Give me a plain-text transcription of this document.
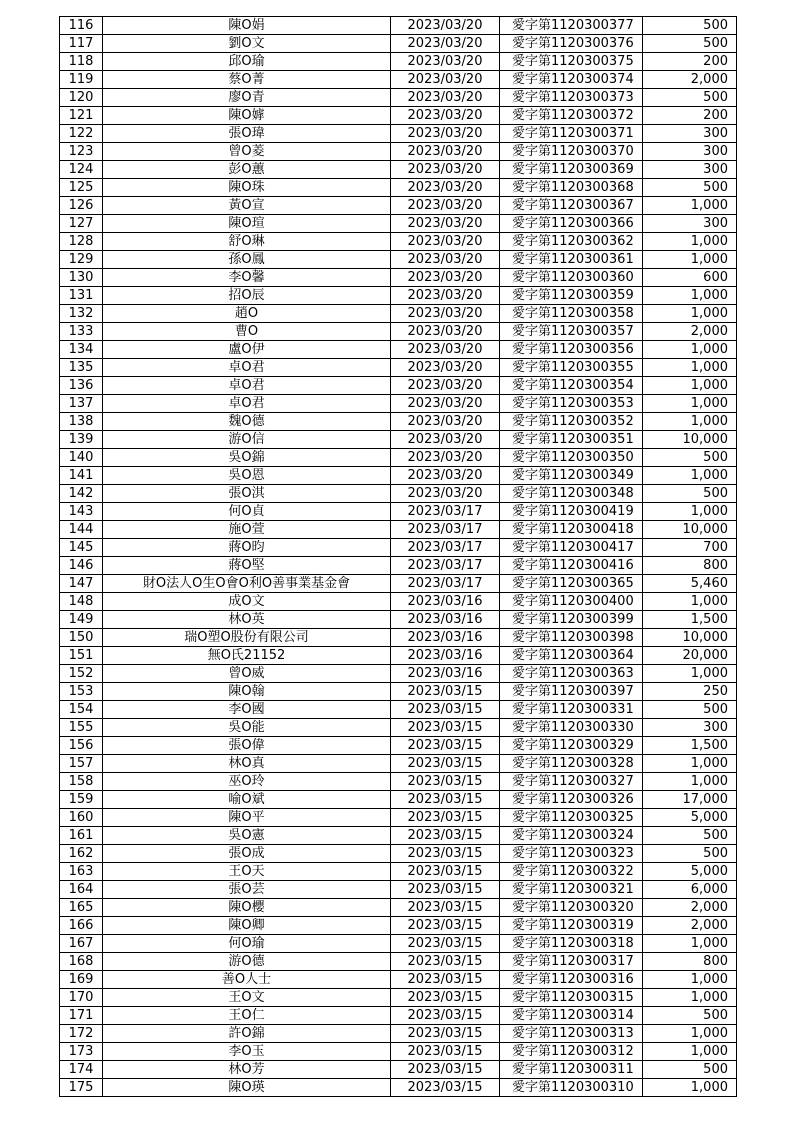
116	陳O娟	2023/03/20	愛字第1120300377	500
117	劉O文	2023/03/20	愛字第1120300376	500
118	邱O瑜	2023/03/20	愛字第1120300375	200
119	蔡O菁	2023/03/20	愛字第1120300374	2,000
120	廖O青	2023/03/20	愛字第1120300373	500
121	陳O嫭	2023/03/20	愛字第1120300372	200
122	張O瑋	2023/03/20	愛字第1120300371	300
123	曾O菱	2023/03/20	愛字第1120300370	300
124	彭O蕙	2023/03/20	愛字第1120300369	300
125	陳O珠	2023/03/20	愛字第1120300368	500
126	黃O宣	2023/03/20	愛字第1120300367	1,000
127	陳O瑄	2023/03/20	愛字第1120300366	300
128	舒O琳	2023/03/20	愛字第1120300362	1,000
129	孫O鳳	2023/03/20	愛字第1120300361	1,000
130	李O馨	2023/03/20	愛字第1120300360	600
131	招O辰	2023/03/20	愛字第1120300359	1,000
132	趙O	2023/03/20	愛字第1120300358	1,000
133	曹O	2023/03/20	愛字第1120300357	2,000
134	盧O伊	2023/03/20	愛字第1120300356	1,000
135	卓O君	2023/03/20	愛字第1120300355	1,000
136	卓O君	2023/03/20	愛字第1120300354	1,000
137	卓O君	2023/03/20	愛字第1120300353	1,000
138	魏O德	2023/03/20	愛字第1120300352	1,000
139	游O信	2023/03/20	愛字第1120300351	10,000
140	吳O錦	2023/03/20	愛字第1120300350	500
141	吳O恩	2023/03/20	愛字第1120300349	1,000
142	張O淇	2023/03/20	愛字第1120300348	500
143	何O貞	2023/03/17	愛字第1120300419	1,000
144	施O萱	2023/03/17	愛字第1120300418	10,000
145	蔣O昀	2023/03/17	愛字第1120300417	700
146	蔣O堅	2023/03/17	愛字第1120300416	800
147	財O法人O生O會O利O善事業基金會	2023/03/17	愛字第1120300365	5,460
148	成O文	2023/03/16	愛字第1120300400	1,000
149	林O英	2023/03/16	愛字第1120300399	1,500
150	瑞O塑O股份有限公司	2023/03/16	愛字第1120300398	10,000
151	無O氏21152	2023/03/16	愛字第1120300364	20,000
152	曾O威	2023/03/16	愛字第1120300363	1,000
153	陳O翰	2023/03/15	愛字第1120300397	250
154	李O國	2023/03/15	愛字第1120300331	500
155	吳O能	2023/03/15	愛字第1120300330	300
156	張O偉	2023/03/15	愛字第1120300329	1,500
157	林O真	2023/03/15	愛字第1120300328	1,000
158	巫O玲	2023/03/15	愛字第1120300327	1,000
159	喻O斌	2023/03/15	愛字第1120300326	17,000
160	陳O平	2023/03/15	愛字第1120300325	5,000
161	吳O憲	2023/03/15	愛字第1120300324	500
162	張O成	2023/03/15	愛字第1120300323	500
163	王O天	2023/03/15	愛字第1120300322	5,000
164	張O芸	2023/03/15	愛字第1120300321	6,000
165	陳O櫻	2023/03/15	愛字第1120300320	2,000
166	陳O卿	2023/03/15	愛字第1120300319	2,000
167	何O瑜	2023/03/15	愛字第1120300318	1,000
168	游O德	2023/03/15	愛字第1120300317	800
169	善O人士	2023/03/15	愛字第1120300316	1,000
170	王O文	2023/03/15	愛字第1120300315	1,000
171	王O仁	2023/03/15	愛字第1120300314	500
172	許O錦	2023/03/15	愛字第1120300313	1,000
173	李O玉	2023/03/15	愛字第1120300312	1,000
174	林O芳	2023/03/15	愛字第1120300311	500
175	陳O瑛	2023/03/15	愛字第1120300310	1,000
